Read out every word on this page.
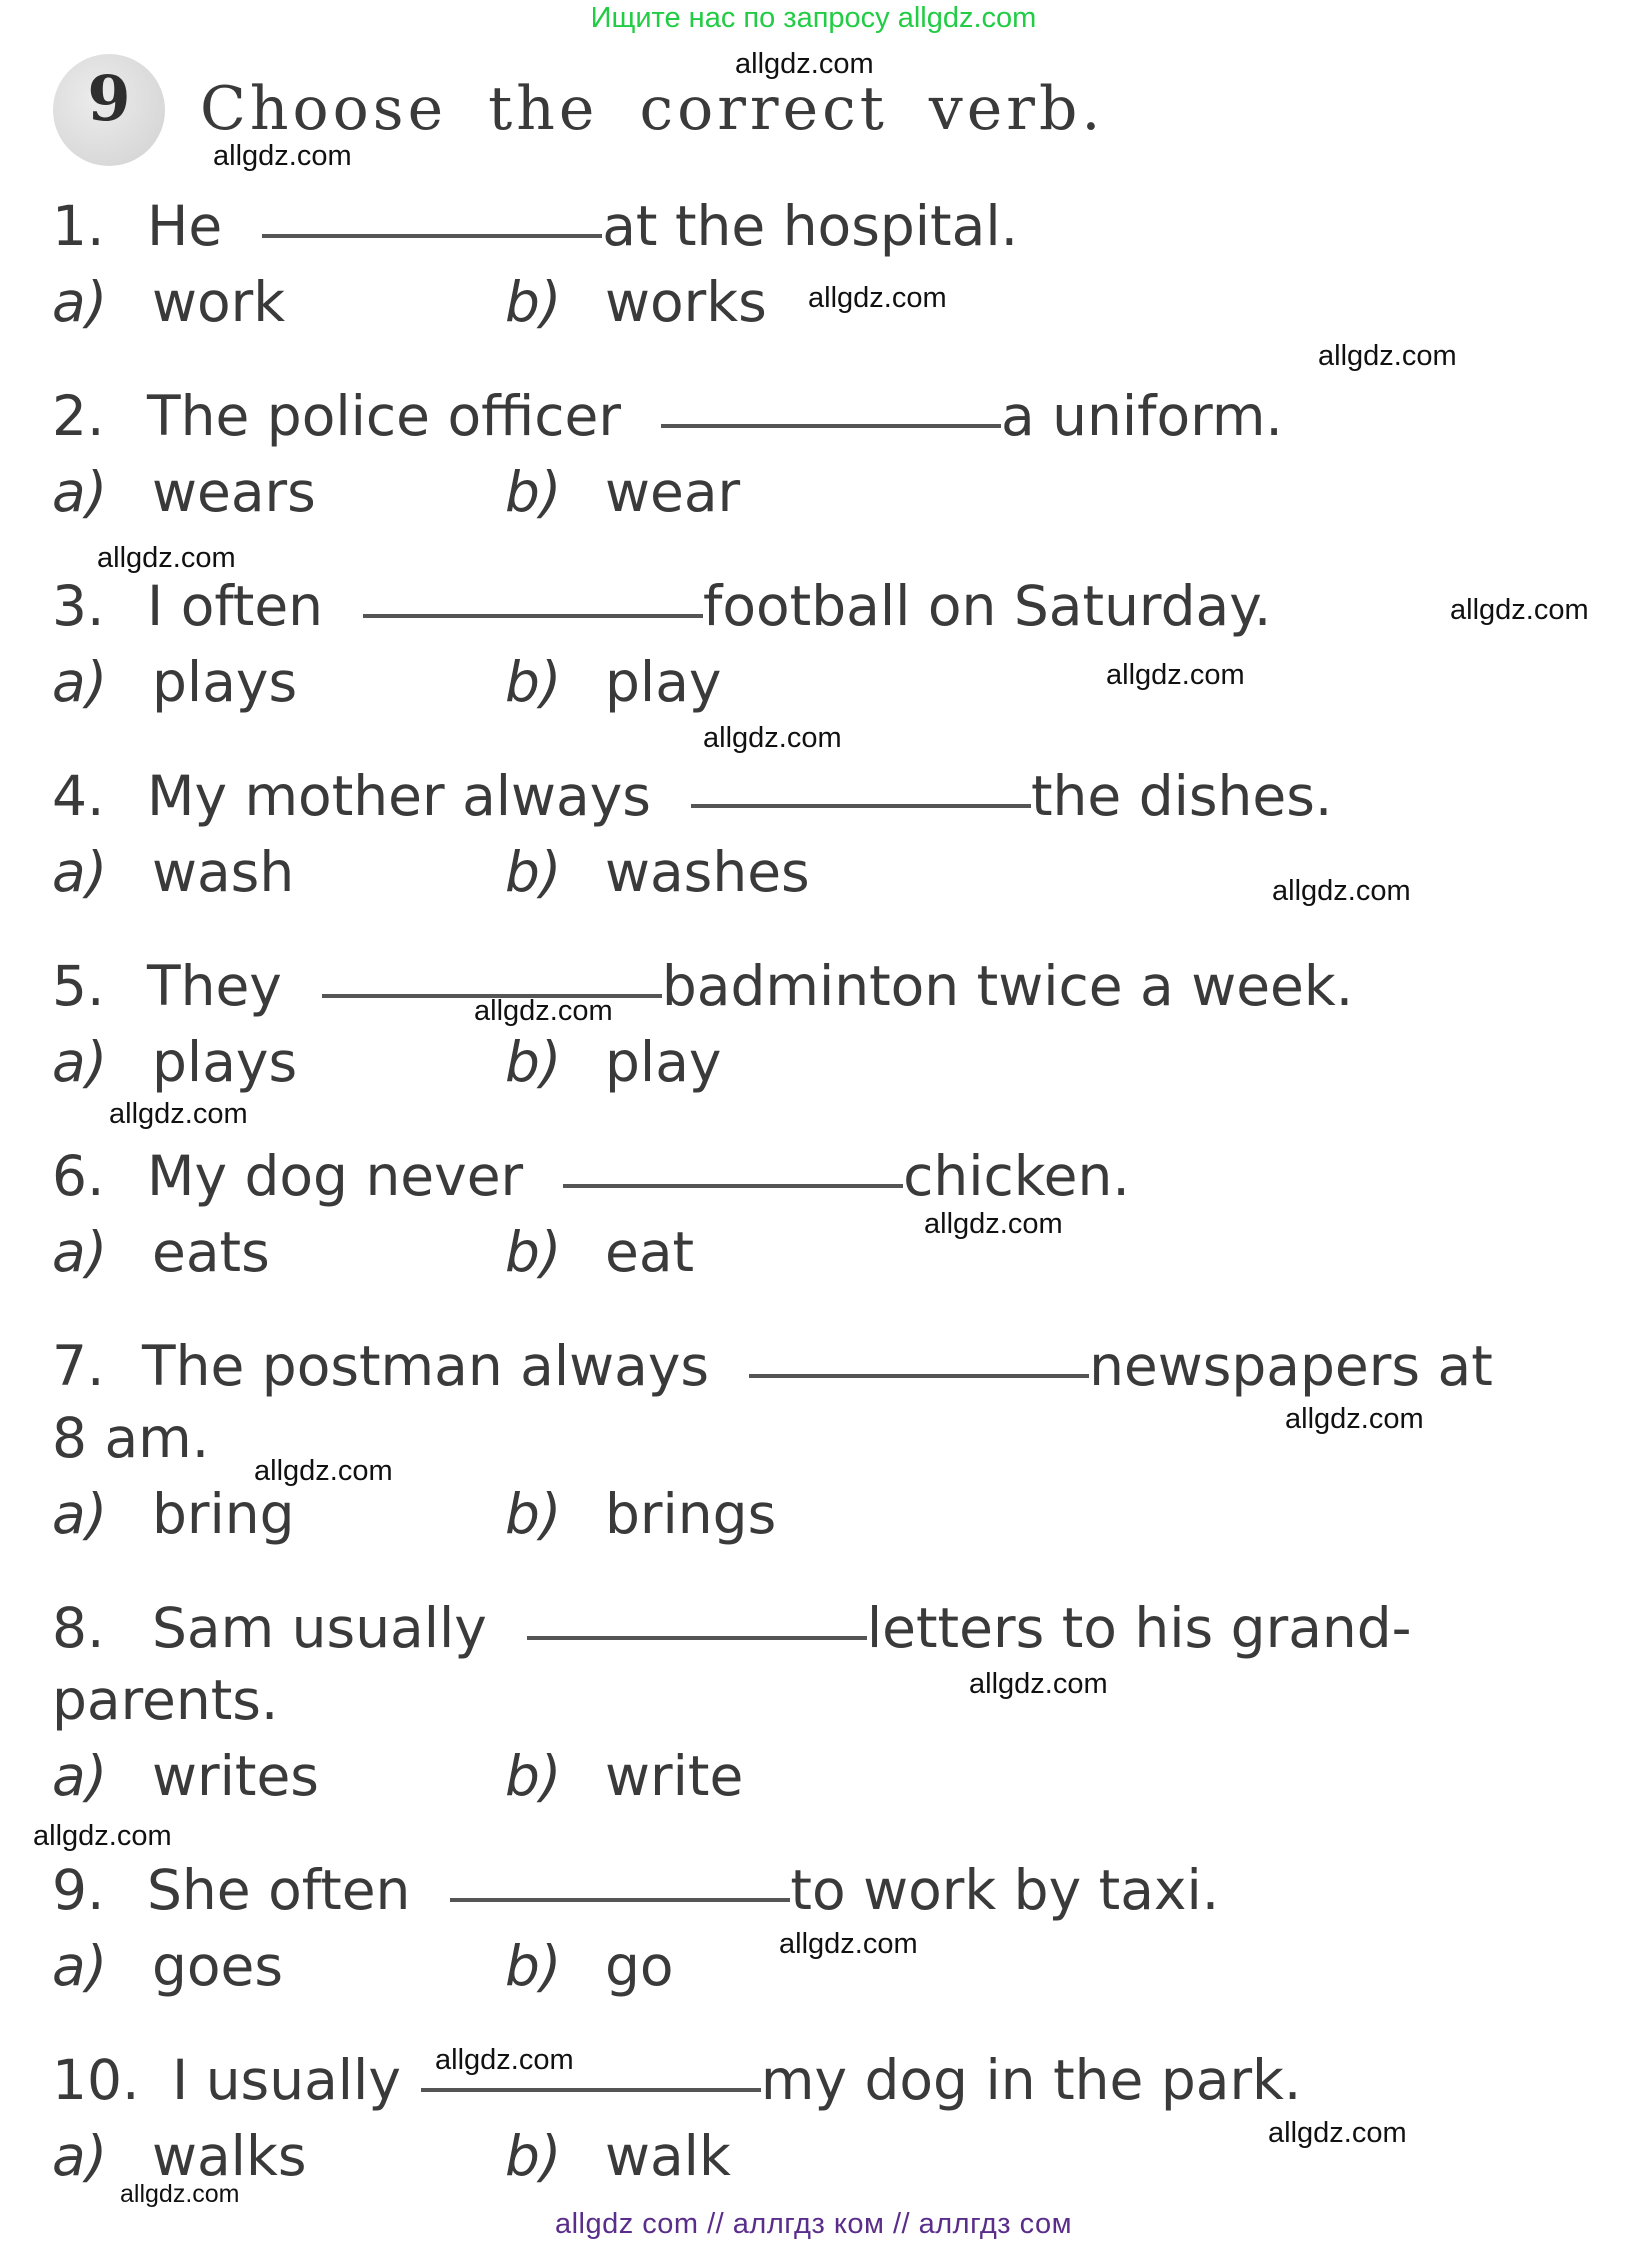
Ищите нас по запросу allgdz.com
9	Choose the correct verb.
1. He	at the hospital.
a) work	b) works
2. The police officer	a uniform.
a) wears	b) wear
3. I often	football on Saturday.
a) plays	b) play
4. My mother always	the dishes.
a) wash	b) washes
5. They	badminton twice a week.
a) plays	b) play
6. My dog never	chicken.
a) eats	b) eat
7. The postman always	newspapers at
8 am.
a) bring	b) brings
8. Sam usually	letters to his grand-
parents.
a) writes	b) write
9. She often	to work by taxi.
a) goes	b) go
10. I usually	my dog in the park.
a) walks	b) walk
allgdz.com
allgdz.com
allgdz.com
allgdz.com
allgdz.com
allgdz.com
allgdz.com
allgdz.com
allgdz.com
allgdz.com
allgdz.com
allgdz.com
allgdz.com
allgdz.com
allgdz.com
allgdz.com
allgdz.com
allgdz.com
allgdz.com
allgdz.com
allgdz com // аллгдз ком // аллгдз сом
